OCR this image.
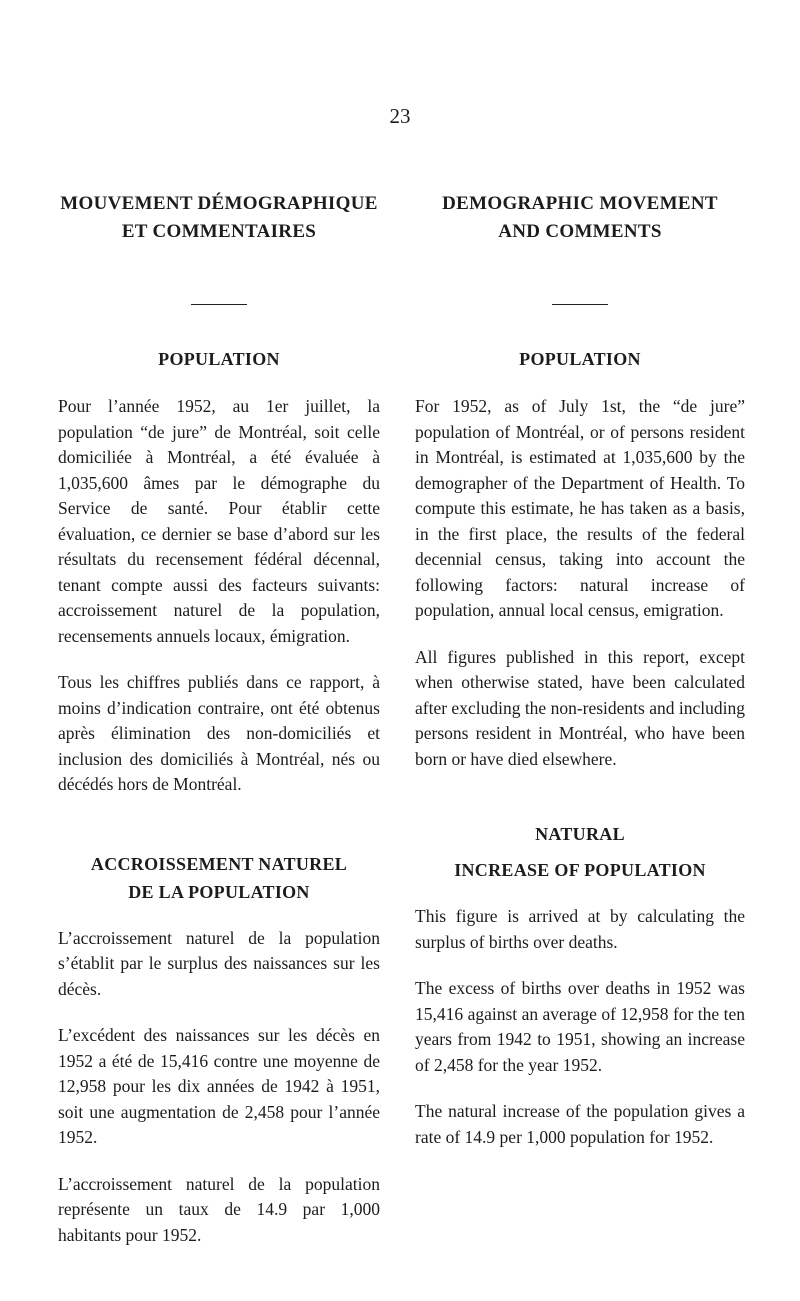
23
MOUVEMENT DÉMOGRAPHIQUE
ET COMMENTAIRES
POPULATION

Pour l’année 1952, au 1er juillet, la population “de jure” de Montréal, soit celle domiciliée à Montréal, a été évaluée à 1,035,600 âmes par le démographe du Service de santé. Pour établir cette évaluation, ce dernier se base d’abord sur les résultats du recensement fédéral décennal, tenant compte aussi des facteurs suivants: accroissement naturel de la population, recensements annuels locaux, émigration.

Tous les chiffres publiés dans ce rapport, à moins d’indication contraire, ont été obtenus après élimination des non-domiciliés et inclusion des domiciliés à Montréal, nés ou décédés hors de Montréal.

ACCROISSEMENT NATUREL
DE LA POPULATION

L’accroissement naturel de la population s’établit par le surplus des naissances sur les décès.

L’excédent des naissances sur les décès en 1952 a été de 15,416 contre une moyenne de 12,958 pour les dix années de 1942 à 1951, soit une augmentation de 2,458 pour l’année 1952.

L’accroissement naturel de la population représente un taux de 14.9 par 1,000 habitants pour 1952.

DEMOGRAPHIC MOVEMENT
AND COMMENTS
POPULATION

For 1952, as of July 1st, the “de jure” population of Montréal, or of persons resident in Montréal, is estimated at 1,035,600 by the demographer of the Department of Health. To compute this estimate, he has taken as a basis, in the first place, the results of the federal decennial census, taking into account the following factors: natural increase of population, annual local census, emigration.

All figures published in this report, except when otherwise stated, have been calculated after excluding the non-residents and including persons resident in Montréal, who have been born or have died elsewhere.

NATURAL
INCREASE OF POPULATION

This figure is arrived at by calculating the surplus of births over deaths.

The excess of births over deaths in 1952 was 15,416 against an average of 12,958 for the ten years from 1942 to 1951, showing an increase of 2,458 for the year 1952.

The natural increase of the population gives a rate of 14.9 per 1,000 population for 1952.
